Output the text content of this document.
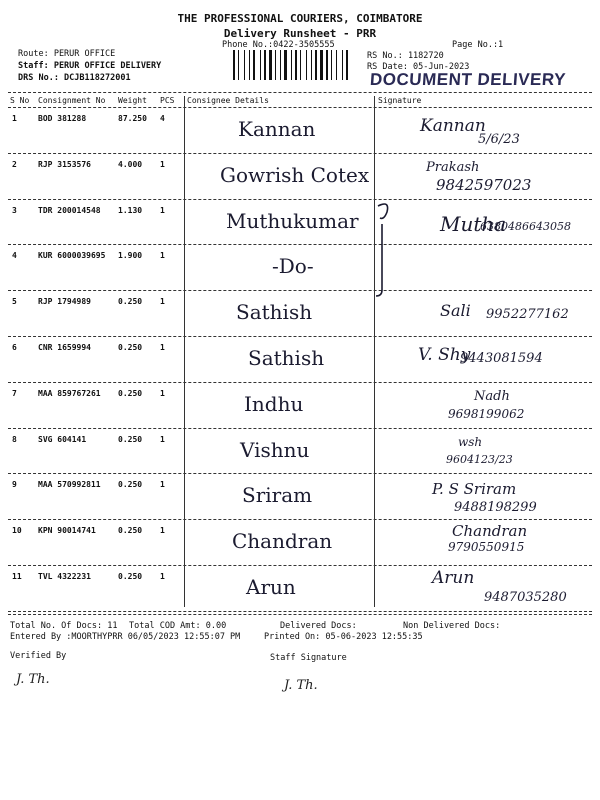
THE PROFESSIONAL COURIERS, COIMBATORE
Delivery Runsheet - PRR
Phone No.:0422-3505555	Page No.:1
Route: PERUR OFFICE
Staff: PERUR OFFICE DELIVERY
DRS No.: DCJB118272001
RS No.: 1182720
RS Date: 05-Jun-2023
DOCUMENT DELIVERY
S No Consignment No Weight PCS Consignee Details	Signature
1	BOD 381288	87.250 4	Kannan	Kannan
5/6/23
2	RJP 3153576	4.000 1	Gowrish Cotex	Prakash
9842597023
3	TDR 200014548 1.130 1	Muthukumar	Mutha
6380486643058
4	KUR 6000039695 1.900 1	-Do-
5	RJP 1794989	0.250 1	Sathish	Sali 9952277162
6	CNR 1659994	0.250 1	Sathish	V. Shy
9443081594
7	MAA 859767261 0.250 1	Indhu	Nadh
9698199062
8	SVG 604141	0.250 1	Vishnu	wsh
9604123/23
9	MAA 570992811 0.250 1	Sriram	P. S Sriram
9488198299
10 KPN 90014741	0.250 1	Chandran	Chandran
9790550915
11 TVL 4322231	0.250 1	Arun	Arun
9487035280
Total No. Of Docs: 11 Total COD Amt: 0.00	Delivered Docs:	Non Delivered Docs:
Entered By :MOORTHYPRR 06/05/2023 12:55:07 PM	Printed On: 05-06-2023 12:55:35
Verified By	Staff Signature
J. Th.	J. Th.
